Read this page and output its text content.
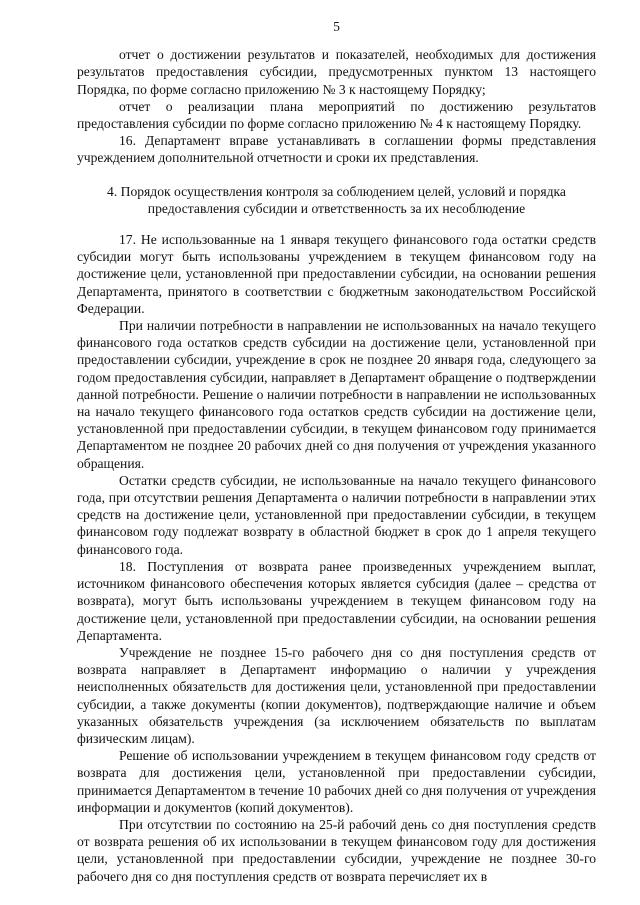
5

отчет о достижении результатов и показателей, необходимых для достижения результатов предоставления субсидии, предусмотренных пунктом 13 настоящего Порядка, по форме согласно приложению № 3 к настоящему Порядку;

отчет о реализации плана мероприятий по достижению результатов предоставления субсидии по форме согласно приложению № 4 к настоящему Порядку.

16. Департамент вправе устанавливать в соглашении формы представления учреждением дополнительной отчетности и сроки их представления.

4. Порядок осуществления контроля за соблюдением целей, условий и порядка предоставления субсидии и ответственность за их несоблюдение

17. Не использованные на 1 января текущего финансового года остатки средств субсидии могут быть использованы учреждением в текущем финансовом году на достижение цели, установленной при предоставлении субсидии, на основании решения Департамента, принятого в соответствии с бюджетным законодательством Российской Федерации.

При наличии потребности в направлении не использованных на начало текущего финансового года остатков средств субсидии на достижение цели, установленной при предоставлении субсидии, учреждение в срок не позднее 20 января года, следующего за годом предоставления субсидии, направляет в Департамент обращение о подтверждении данной потребности. Решение о наличии потребности в направлении не использованных на начало текущего финансового года остатков средств субсидии на достижение цели, установленной при предоставлении субсидии, в текущем финансовом году принимается Департаментом не позднее 20 рабочих дней со дня получения от учреждения указанного обращения.

Остатки средств субсидии, не использованные на начало текущего финансового года, при отсутствии решения Департамента о наличии потребности в направлении этих средств на достижение цели, установленной при предоставлении субсидии, в текущем финансовом году подлежат возврату в областной бюджет в срок до 1 апреля текущего финансового года.

18. Поступления от возврата ранее произведенных учреждением выплат, источником финансового обеспечения которых является субсидия (далее – средства от возврата), могут быть использованы учреждением в текущем финансовом году на достижение цели, установленной при предоставлении субсидии, на основании решения Департамента.

Учреждение не позднее 15-го рабочего дня со дня поступления средств от возврата направляет в Департамент информацию о наличии у учреждения неисполненных обязательств для достижения цели, установленной при предоставлении субсидии, а также документы (копии документов), подтверждающие наличие и объем указанных обязательств учреждения (за исключением обязательств по выплатам физическим лицам).

Решение об использовании учреждением в текущем финансовом году средств от возврата для достижения цели, установленной при предоставлении субсидии, принимается Департаментом в течение 10 рабочих дней со дня получения от учреждения информации и документов (копий документов).

При отсутствии по состоянию на 25-й рабочий день со дня поступления средств от возврата решения об их использовании в текущем финансовом году для достижения цели, установленной при предоставлении субсидии, учреждение не позднее 30-го рабочего дня со дня поступления средств от возврата перечисляет их в
